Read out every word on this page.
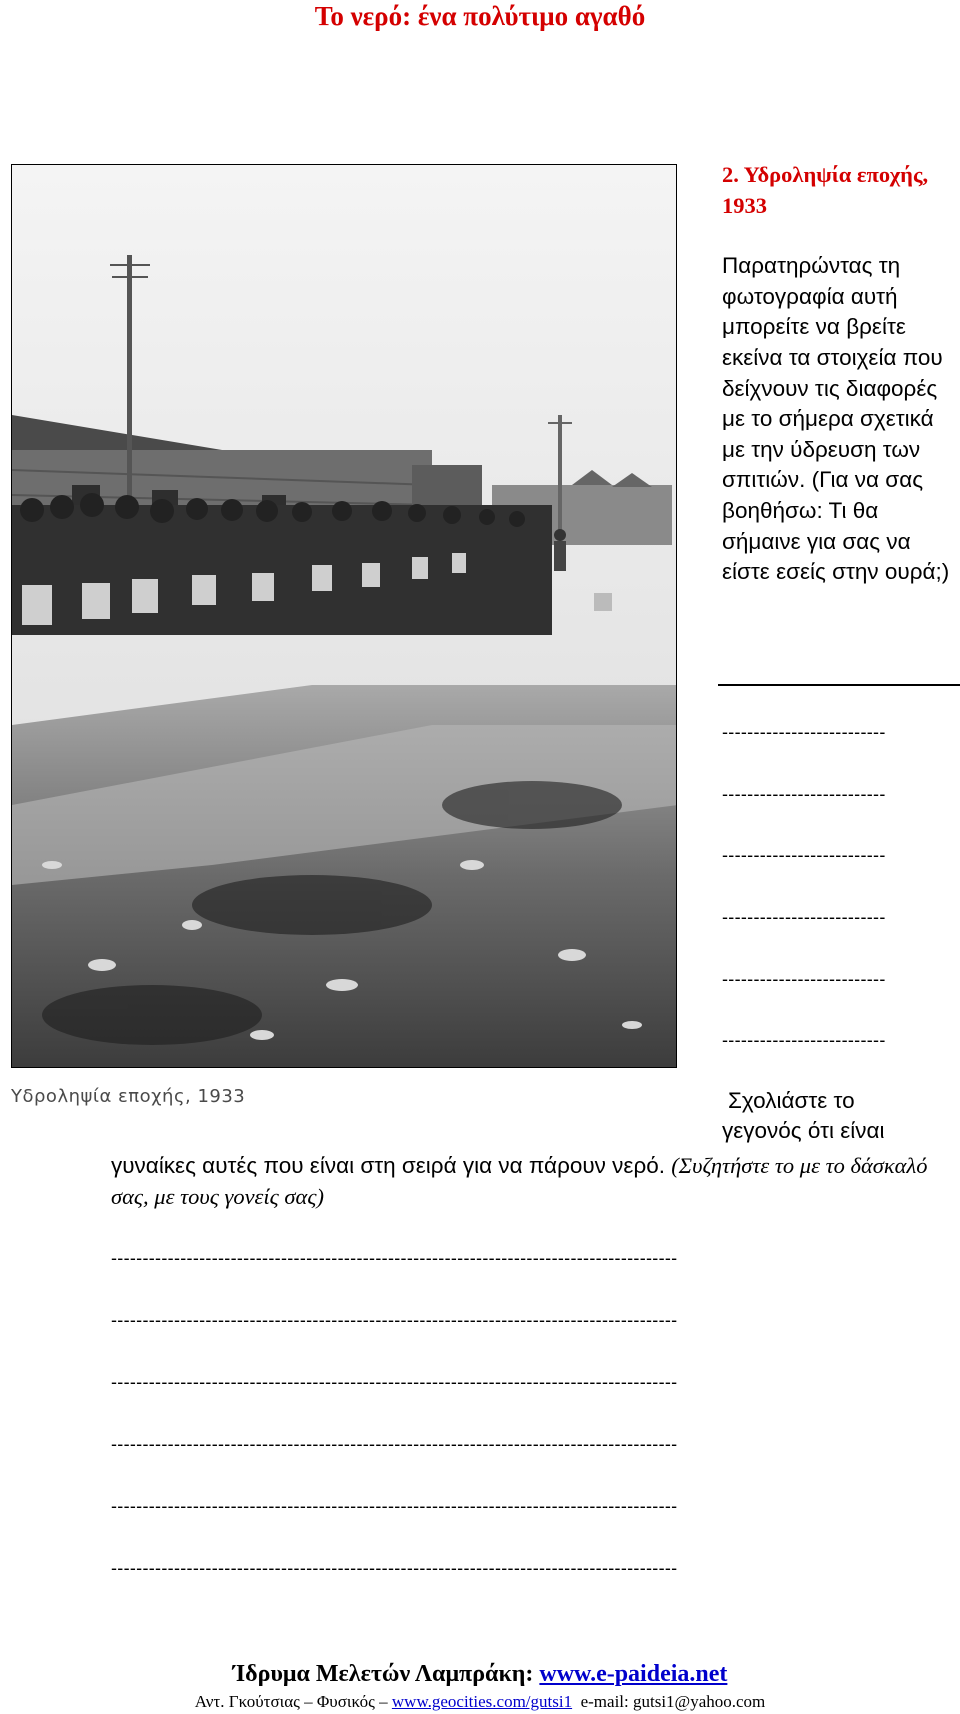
Το νερό: ένα πολύτιμο αγαθό
Υδροληψία εποχής, 1933

2. Υδροληψία εποχής, 1933

Παρατηρώντας τη φωτογραφία αυτή μπορείτε να βρείτε εκείνα τα στοιχεία που δείχνουν τις διαφορές με το σήμερα σχετικά με την ύδρευση των σπιτιών. (Για να σας βοηθήσω: Τι θα σήμαινε για σας να είστε εσείς στην ουρά;)

--------------------------
--------------------------
--------------------------
--------------------------
--------------------------
--------------------------
Σχολιάστε το
γεγονός ότι είναι
γυναίκες αυτές που είναι στη σειρά για να πάρουν νερό. (Συζητήστε το με το δάσκαλό σας, με τους γονείς σας)
------------------------------------------------------------------------------------------
------------------------------------------------------------------------------------------
------------------------------------------------------------------------------------------
------------------------------------------------------------------------------------------
------------------------------------------------------------------------------------------
------------------------------------------------------------------------------------------
Ίδρυμα Μελετών Λαμπράκη: www.e-paideia.net
Αντ. Γκούτσιας – Φυσικός – www.geocities.com/gutsi1  e-mail: gutsi1@yahoo.com
